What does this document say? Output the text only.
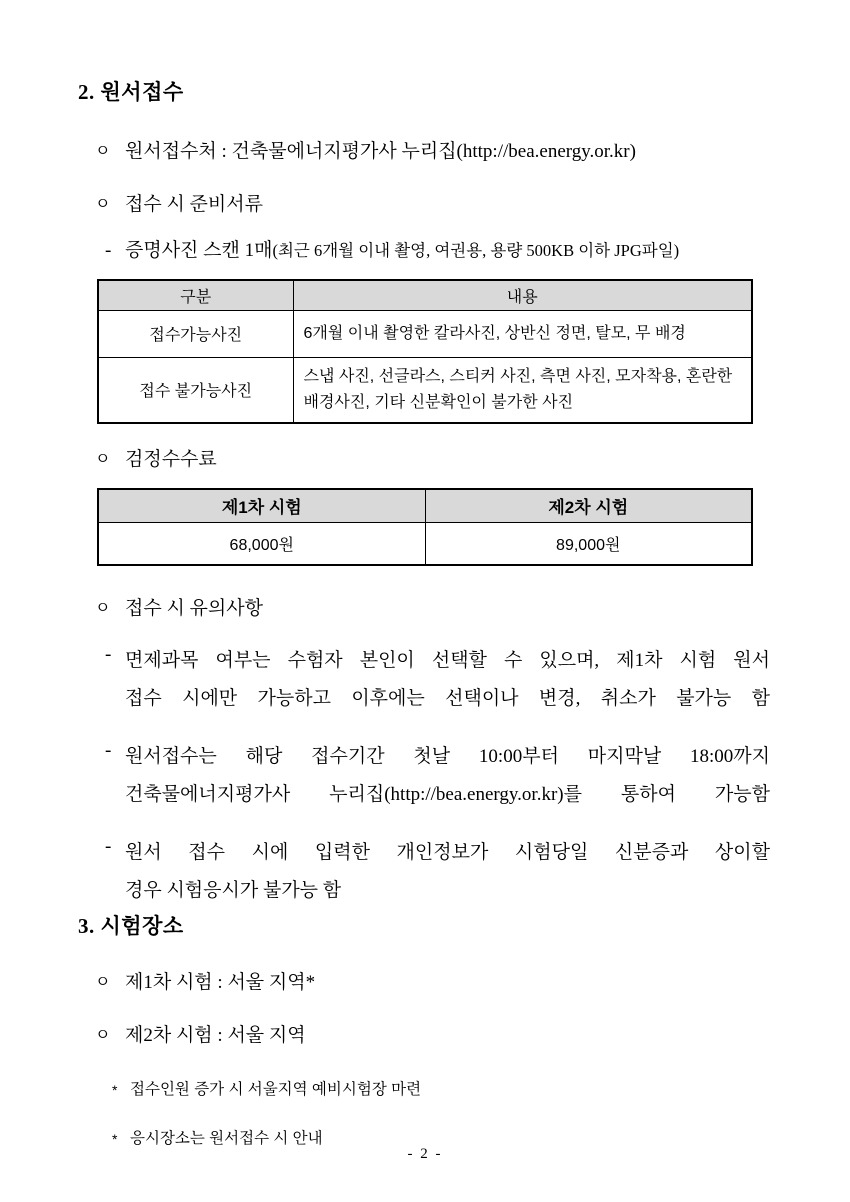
2. 원서접수
ㅇ 원서접수처 : 건축물에너지평가사 누리집(http://bea.energy.or.kr)
ㅇ 접수 시 준비서류
- 증명사진 스캔 1매(최근 6개월 이내 촬영, 여권용, 용량 500KB 이하 JPG파일)
구분	내용
접수가능사진	6개월 이내 촬영한 칼라사진, 상반신 정면, 탈모, 무 배경
접수 불가능사진	스냅 사진, 선글라스, 스티커 사진, 측면 사진, 모자착용, 혼란한 배경사진, 기타 신분확인이 불가한 사진
ㅇ 검정수수료
제1차 시험	제2차 시험
68,000원	89,000원
ㅇ 접수 시 유의사항
- 면제과목 여부는 수험자 본인이 선택할 수 있으며, 제1차 시험 원서
접수 시에만 가능하고 이후에는 선택이나 변경, 취소가 불가능 함
- 원서접수는 해당 접수기간 첫날 10:00부터 마지막날 18:00까지
건축물에너지평가사 누리집(http://bea.energy.or.kr)를 통하여 가능함
- 원서 접수 시에 입력한 개인정보가 시험당일 신분증과 상이할
경우 시험응시가 불가능 함
3. 시험장소
ㅇ 제1차 시험 : 서울 지역*
ㅇ 제2차 시험 : 서울 지역
* 접수인원 증가 시 서울지역 예비시험장 마련
* 응시장소는 원서접수 시 안내
- 2 -
